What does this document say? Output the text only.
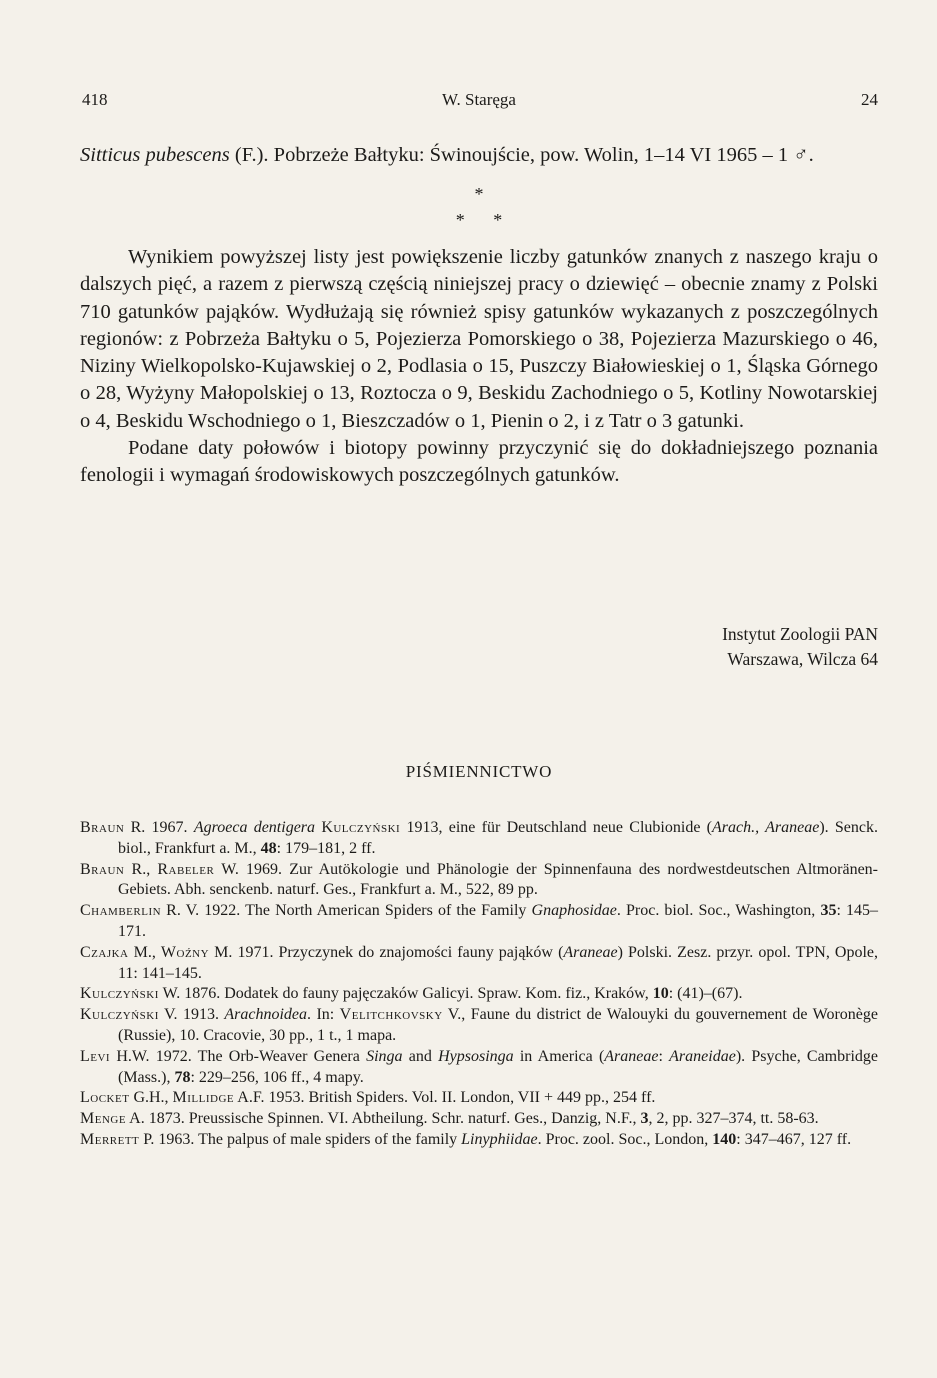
418	W. Staręga	24

Sitticus pubescens (F.). Pobrzeże Bałtyku: Świnoujście, pow. Wolin, 1–14 VI 1965 – 1 ♂.

*
* *

Wynikiem powyższej listy jest powiększenie liczby gatunków znanych z naszego kraju o dalszych pięć, a razem z pierwszą częścią niniejszej pracy o dziewięć – obecnie znamy z Polski 710 gatunków pająków. Wydłużają się również spisy gatunków wykazanych z poszczególnych regionów: z Pobrzeża Bałtyku o 5, Pojezierza Pomorskiego o 38, Pojezierza Mazurskiego o 46, Niziny Wielkopolsko-Kujawskiej o 2, Podlasia o 15, Puszczy Białowieskiej o 1, Śląska Górnego o 28, Wyżyny Małopolskiej o 13, Roztocza o 9, Beskidu Zachodniego o 5, Kotliny Nowotarskiej o 4, Beskidu Wschodniego o 1, Bieszczadów o 1, Pienin o 2, i z Tatr o 3 gatunki.

Podane daty połowów i biotopy powinny przyczynić się do dokładniejszego poznania fenologii i wymagań środowiskowych poszczególnych gatunków.

Instytut Zoologii PAN
Warszawa, Wilcza 64
PIŚMIENNICTWO

Braun R. 1967. Agroeca dentigera Kulczyński 1913, eine für Deutschland neue Clubionide (Arach., Araneae). Senck. biol., Frankfurt a. M., 48: 179–181, 2 ff.

Braun R., Rabeler W. 1969. Zur Autökologie und Phänologie der Spinnenfauna des nordwestdeutschen Altmoränen-Gebiets. Abh. senckenb. naturf. Ges., Frankfurt a. M., 522, 89 pp.

Chamberlin R. V. 1922. The North American Spiders of the Family Gnaphosidae. Proc. biol. Soc., Washington, 35: 145–171.

Czajka M., Woźny M. 1971. Przyczynek do znajomości fauny pająków (Araneae) Polski. Zesz. przyr. opol. TPN, Opole, 11: 141–145.

Kulczyński W. 1876. Dodatek do fauny pajęczaków Galicyi. Spraw. Kom. fiz., Kraków, 10: (41)–(67).

Kulczyński V. 1913. Arachnoidea. In: Velitchkovsky V., Faune du district de Walouyki du gouvernement de Woronège (Russie), 10. Cracovie, 30 pp., 1 t., 1 mapa.

Levi H.W. 1972. The Orb-Weaver Genera Singa and Hypsosinga in America (Araneae: Araneidae). Psyche, Cambridge (Mass.), 78: 229–256, 106 ff., 4 mapy.

Locket G.H., Millidge A.F. 1953. British Spiders. Vol. II. London, VII + 449 pp., 254 ff.

Menge A. 1873. Preussische Spinnen. VI. Abtheilung. Schr. naturf. Ges., Danzig, N.F., 3, 2, pp. 327–374, tt. 58-63.

Merrett P. 1963. The palpus of male spiders of the family Linyphiidae. Proc. zool. Soc., London, 140: 347–467, 127 ff.
